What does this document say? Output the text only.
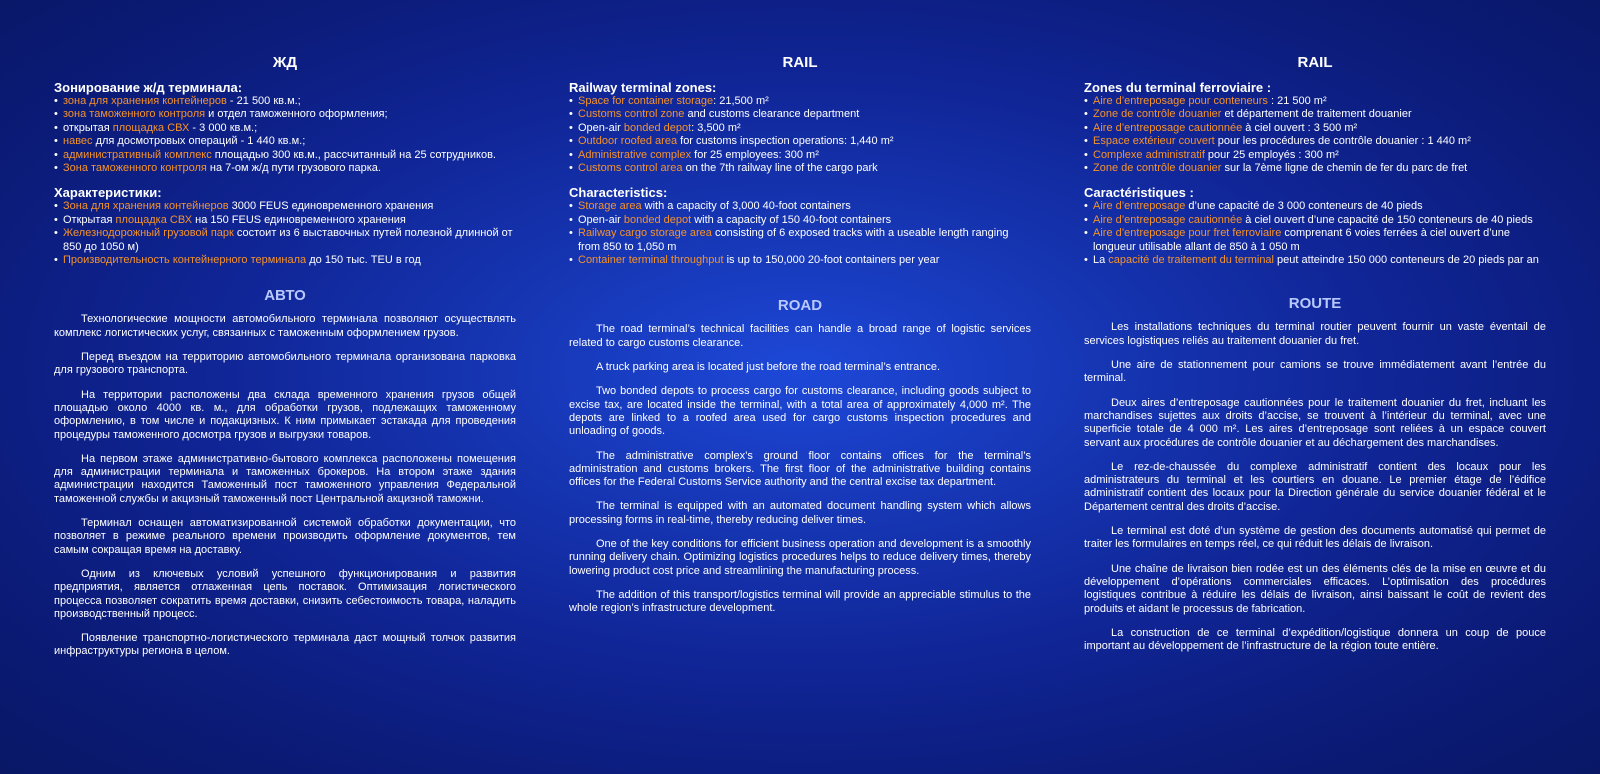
ЖД
Зонирование ж/д терминала:
• зона для хранения контейнеров - 21 500 кв.м.;
• зона таможенного контроля и отдел таможенного оформления;
• открытая площадка СВХ - 3 000 кв.м.;
• навес для досмотровых операций - 1 440 кв.м.;
• административный комплекс площадью 300 кв.м., рассчитанный на 25 сотрудников.
• Зона таможенного контроля на 7-ом ж/д пути грузового парка.
Характеристики:
• Зона для хранения контейнеров 3000 FEUS единовременного хранения
• Открытая площадка СВХ на 150 FEUS единовременного хранения
• Железнодорожный грузовой парк состоит из 6 выставочных путей полезной длинной от 850 до 1050 м)
• Производительность контейнерного терминала до 150 тыс. TEU в год
АВТО

Технологические мощности автомобильного терминала позволяют осуществлять комплекс логистических услуг, связанных с таможенным оформлением грузов.

Перед въездом на территорию автомобильного терминала организована парковка для грузового транспорта.

На территории расположены два склада временного хранения грузов общей площадью около 4000 кв. м., для обработки грузов, подлежащих таможенному оформлению, в том числе и подакцизных. К ним примыкает эстакада для проведения процедуры таможенного досмотра грузов и выгрузки товаров.

На первом этаже административно-бытового комплекса расположены помещения для администрации терминала и таможенных брокеров. На втором этаже здания администрации находится Таможенный пост таможенного управления Федеральной таможенной службы и акцизный таможенный пост Центральной акцизной таможни.

Терминал оснащен автоматизированной системой обработки документации, что позволяет в режиме реального времени производить оформление документов, тем самым сокращая время на доставку.

Одним из ключевых условий успешного функционирования и развития предприятия, является отлаженная цепь поставок. Оптимизация логистического процесса позволяет сократить время доставки, снизить себестоимость товара, наладить производственный процесс.

Появление транспортно-логистического терминала даст мощный толчок развития инфраструктуры региона в целом.

RAIL
Railway terminal zones:
• Space for container storage: 21,500 m²
• Customs control zone and customs clearance department
• Open-air bonded depot: 3,500 m²
• Outdoor roofed area for customs inspection operations: 1,440 m²
• Administrative complex for 25 employees: 300 m²
• Customs control area on the 7th railway line of the cargo park
Characteristics:
• Storage area with a capacity of 3,000 40-foot containers
• Open-air bonded depot with a capacity of 150 40-foot containers
• Railway cargo storage area consisting of 6 exposed tracks with a useable length ranging from 850 to 1,050 m
• Container terminal throughput is up to 150,000 20-foot containers per year
ROAD

The road terminal’s technical facilities can handle a broad range of logistic services related to cargo customs clearance.

A truck parking area is located just before the road terminal’s entrance.

Two bonded depots to process cargo for customs clearance, including goods subject to excise tax, are located inside the terminal, with a total area of approximately 4,000 m². The depots are linked to a roofed area used for cargo customs inspection procedures and unloading of goods.

The administrative complex’s ground floor contains offices for the terminal’s administration and customs brokers. The first floor of the administrative building contains offices for the Federal Customs Service authority and the central excise tax department.

The terminal is equipped with an automated document handling system which allows processing forms in real-time, thereby reducing deliver times.

One of the key conditions for efficient business operation and development is a smoothly running delivery chain. Optimizing logistics procedures helps to reduce delivery times, thereby lowering product cost price and streamlining the manufacturing process.

The addition of this transport/logistics terminal will provide an appreciable stimulus to the whole region’s infrastructure development.

RAIL
Zones du terminal ferroviaire :
• Aire d’entreposage pour conteneurs : 21 500 m²
• Zone de contrôle douanier et département de traitement douanier
• Aire d’entreposage cautionnée à ciel ouvert : 3 500 m²
• Espace extérieur couvert pour les procédures de contrôle douanier : 1 440 m²
• Complexe administratif pour 25 employés : 300 m²
• Zone de contrôle douanier sur la 7ème ligne de chemin de fer du parc de fret
Caractéristiques :
• Aire d’entreposage d’une capacité de 3 000 conteneurs de 40 pieds
• Aire d’entreposage cautionnée à ciel ouvert d’une capacité de 150 conteneurs de 40 pieds
• Aire d’entreposage pour fret ferroviaire comprenant 6 voies ferrées à ciel ouvert d’une longueur utilisable allant de 850 à 1 050 m
• La capacité de traitement du terminal peut atteindre 150 000 conteneurs de 20 pieds par an
ROUTE

Les installations techniques du terminal routier peuvent fournir un vaste éventail de services logistiques reliés au traitement douanier du fret.

Une aire de stationnement pour camions se trouve immédiatement avant l’entrée du terminal.

Deux aires d’entreposage cautionnées pour le traitement douanier du fret, incluant les marchandises sujettes aux droits d’accise, se trouvent à l’intérieur du terminal, avec une superficie totale de 4 000 m². Les aires d’entreposage sont reliées à un espace couvert servant aux procédures de contrôle douanier et au déchargement des marchandises.

Le rez-de-chaussée du complexe administratif contient des locaux pour les administrateurs du terminal et les courtiers en douane. Le premier étage de l’édifice administratif contient des locaux pour la Direction générale du service douanier fédéral et le Département central des droits d’accise.

Le terminal est doté d’un système de gestion des documents automatisé qui permet de traiter les formulaires en temps réel, ce qui réduit les délais de livraison.

Une chaîne de livraison bien rodée est un des éléments clés de la mise en œuvre et du développement d’opérations commerciales efficaces. L’optimisation des procédures logistiques contribue à réduire les délais de livraison, ainsi baissant le coût de revient des produits et aidant le processus de fabrication.

La construction de ce terminal d’expédition/logistique donnera un coup de pouce important au développement de l’infrastructure de la région toute entière.
